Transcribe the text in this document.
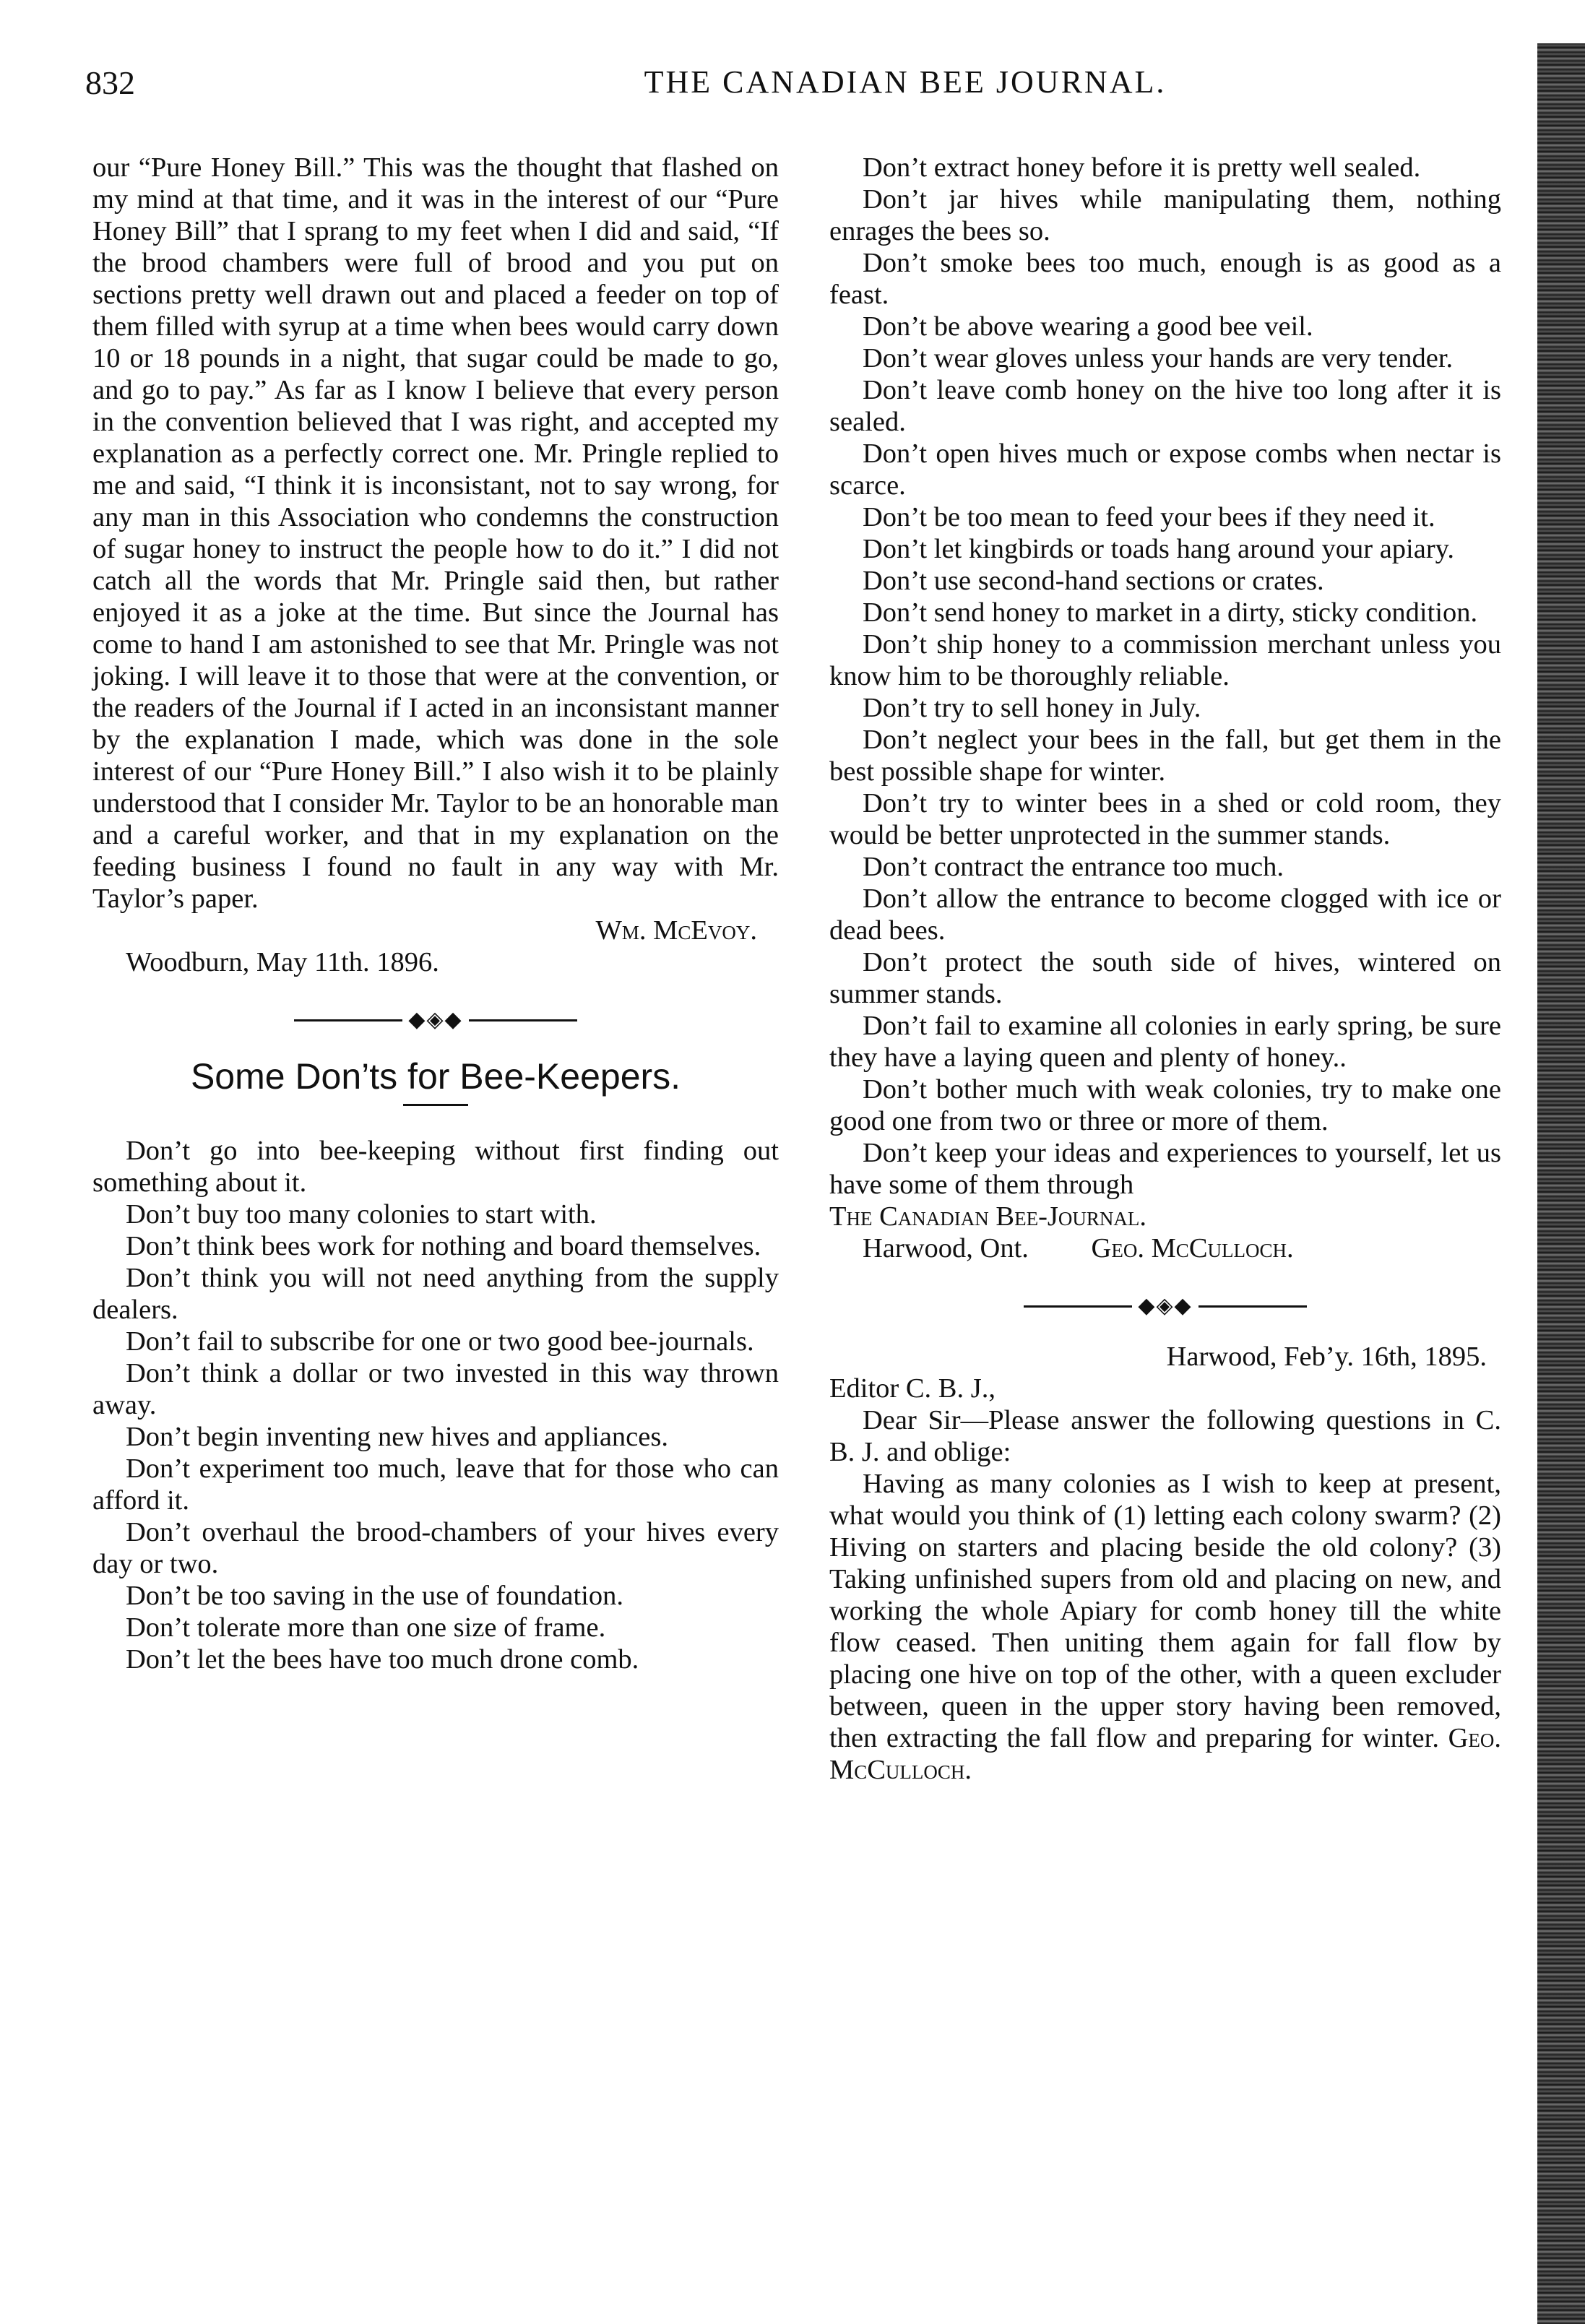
832	THE CANADIAN BEE JOURNAL.

our “Pure Honey Bill.” This was the thought that flashed on my mind at that time, and it was in the interest of our “Pure Honey Bill” that I sprang to my feet when I did and said, “If the brood chambers were full of brood and you put on sections pretty well drawn out and placed a feeder on top of them filled with syrup at a time when bees would carry down 10 or 18 pounds in a night, that sugar could be made to go, and go to pay.” As far as I know I believe that every person in the convention believed that I was right, and accepted my explanation as a perfectly correct one. Mr. Pringle replied to me and said, “I think it is inconsistant, not to say wrong, for any man in this Association who condemns the construction of sugar honey to instruct the people how to do it.” I did not catch all the words that Mr. Pringle said then, but rather enjoyed it as a joke at the time. But since the Journal has come to hand I am astonished to see that Mr. Pringle was not joking. I will leave it to those that were at the convention, or the readers of the Journal if I acted in an inconsistant manner by the explanation I made, which was done in the sole interest of our “Pure Honey Bill.” I also wish it to be plainly understood that I consider Mr. Taylor to be an honorable man and a careful worker, and that in my explanation on the feeding business I found no fault in any way with Mr. Taylor’s paper.

Wm. McEvoy.

Woodburn, May 11th. 1896.

◆◈◆
Some Don’ts for Bee-Keepers.

Don’t go into bee-keeping without first finding out something about it.

Don’t buy too many colonies to start with.

Don’t think bees work for nothing and board themselves.

Don’t think you will not need anything from the supply dealers.

Don’t fail to subscribe for one or two good bee-journals.

Don’t think a dollar or two invested in this way thrown away.

Don’t begin inventing new hives and appliances.

Don’t experiment too much, leave that for those who can afford it.

Don’t overhaul the brood-chambers of your hives every day or two.

Don’t be too saving in the use of foundation.

Don’t tolerate more than one size of frame.

Don’t let the bees have too much drone comb.

Don’t extract honey before it is pretty well sealed.

Don’t jar hives while manipulating them, nothing enrages the bees so.

Don’t smoke bees too much, enough is as good as a feast.

Don’t be above wearing a good bee veil.

Don’t wear gloves unless your hands are very tender.

Don’t leave comb honey on the hive too long after it is sealed.

Don’t open hives much or expose combs when nectar is scarce.

Don’t be too mean to feed your bees if they need it.

Don’t let kingbirds or toads hang around your apiary.

Don’t use second-hand sections or crates.

Don’t send honey to market in a dirty, sticky condition.

Don’t ship honey to a commission merchant unless you know him to be thoroughly reliable.

Don’t try to sell honey in July.

Don’t neglect your bees in the fall, but get them in the best possible shape for winter.

Don’t try to winter bees in a shed or cold room, they would be better unprotected in the summer stands.

Don’t contract the entrance too much.

Don’t allow the entrance to become clogged with ice or dead bees.

Don’t protect the south side of hives, wintered on summer stands.

Don’t fail to examine all colonies in early spring, be sure they have a laying queen and plenty of honey..

Don’t bother much with weak colonies, try to make one good one from two or three or more of them.

Don’t keep your ideas and experiences to yourself, let us have some of them through

The Canadian Bee-Journal.

Harwood, Ont. Geo. McCulloch.

◆◈◆

Harwood, Feb’y. 16th, 1895.

Editor C. B. J.,

Dear Sir—Please answer the following questions in C. B. J. and oblige:

Having as many colonies as I wish to keep at present, what would you think of (1) letting each colony swarm? (2) Hiving on starters and placing beside the old colony? (3) Taking unfinished supers from old and placing on new, and working the whole Apiary for comb honey till the white flow ceased. Then uniting them again for fall flow by placing one hive on top of the other, with a queen excluder between, queen in the upper story having been removed, then extracting the fall flow and preparing for winter. Geo. McCulloch.
